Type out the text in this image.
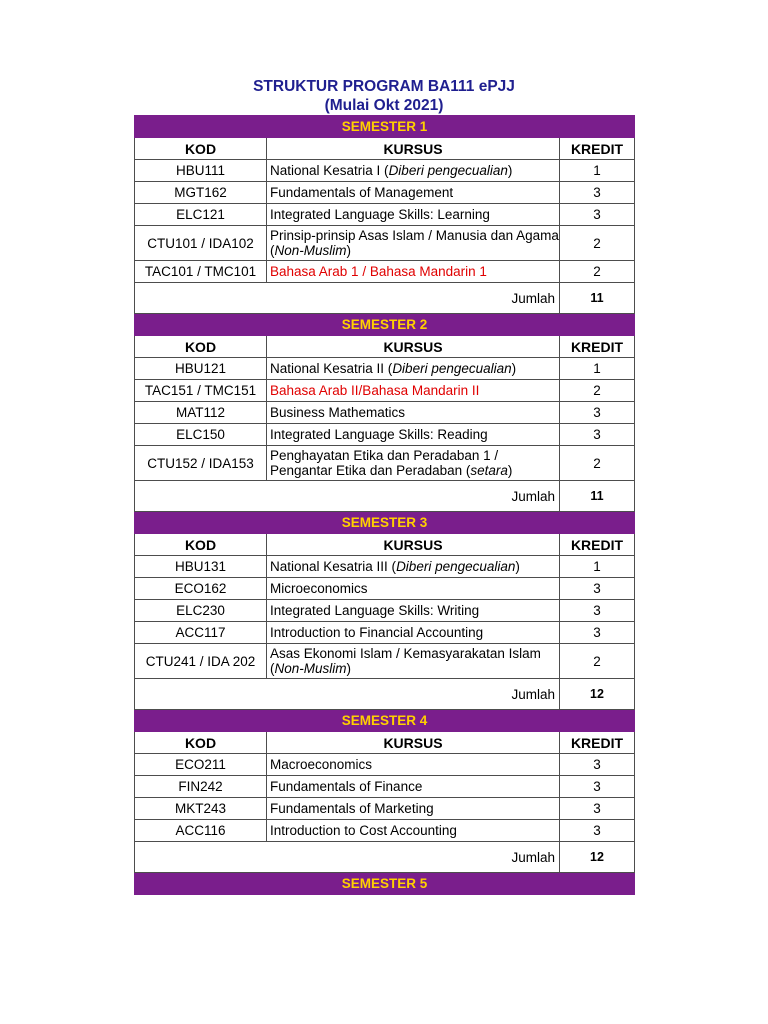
STRUKTUR PROGRAM BA111 ePJJ
(Mulai Okt 2021)
SEMESTER 1		
KOD	KURSUS	KREDIT
HBU111	National Kesatria I (Diberi pengecualian)	1
MGT162	Fundamentals of Management	3
ELC121	Integrated Language Skills: Learning	3
CTU101 / IDA102	Prinsip-prinsip Asas Islam / Manusia dan Agama (Non-Muslim)	2
TAC101 / TMC101	Bahasa Arab 1 / Bahasa Mandarin 1	2
Jumlah		11
SEMESTER 2		
KOD	KURSUS	KREDIT
HBU121	National Kesatria II (Diberi pengecualian)	1
TAC151 / TMC151	Bahasa Arab II/Bahasa Mandarin II	2
MAT112	Business Mathematics	3
ELC150	Integrated Language Skills: Reading	3
CTU152 / IDA153	Penghayatan Etika dan Peradaban 1 / Pengantar Etika dan Peradaban (setara)	2
Jumlah		11
SEMESTER 3		
KOD	KURSUS	KREDIT
HBU131	National Kesatria III (Diberi pengecualian)	1
ECO162	Microeconomics	3
ELC230	Integrated Language Skills: Writing	3
ACC117	Introduction to Financial Accounting	3
CTU241 / IDA 202	Asas Ekonomi Islam / Kemasyarakatan Islam (Non-Muslim)	2
Jumlah		12
SEMESTER 4		
KOD	KURSUS	KREDIT
ECO211	Macroeconomics	3
FIN242	Fundamentals of Finance	3
MKT243	Fundamentals of Marketing	3
ACC116	Introduction to Cost Accounting	3
Jumlah		12
SEMESTER 5		
